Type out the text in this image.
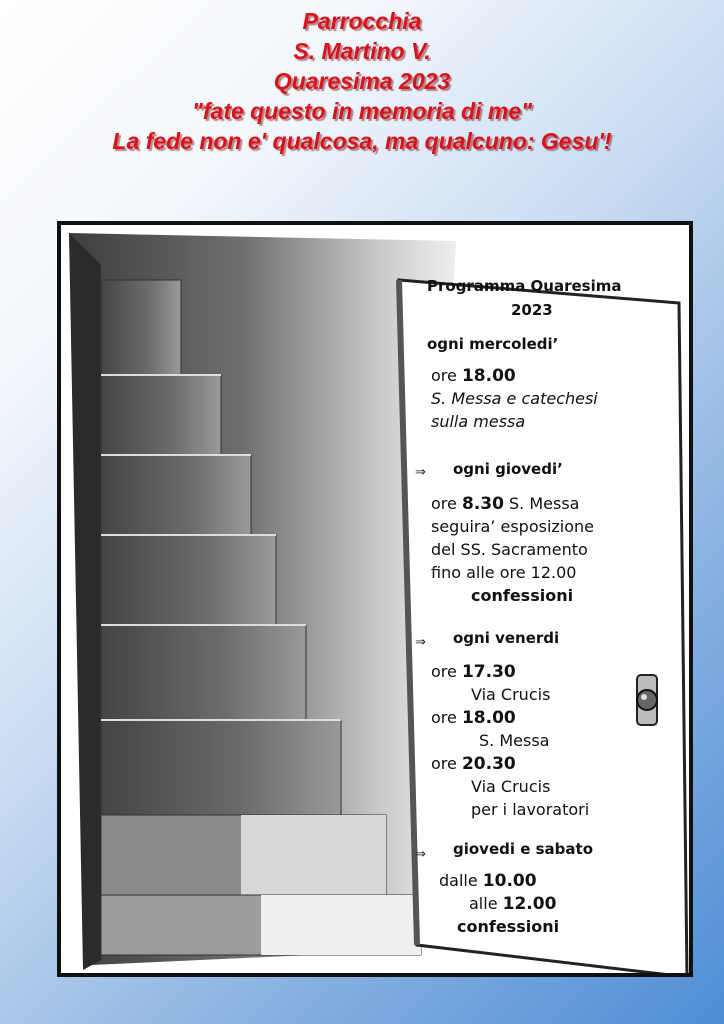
Parrocchia
S. Martino V.
Quaresima 2023
"fate questo in memoria di me"
La fede non e' qualcosa, ma qualcuno: Gesu'!
Programma Quaresima
2023
ogni mercoledi’
ore 18.00
S. Messa e catechesi
sulla messa
⇒ ogni giovedi’
ore 8.30 S. Messa
seguira’ esposizione
del SS. Sacramento
fino alle ore 12.00
confessioni
⇒ ogni venerdi
ore 17.30
Via Crucis
ore 18.00
S. Messa
ore 20.30
Via Crucis
per i lavoratori
⇒ giovedi e sabato
dalle 10.00
alle 12.00
confessioni
